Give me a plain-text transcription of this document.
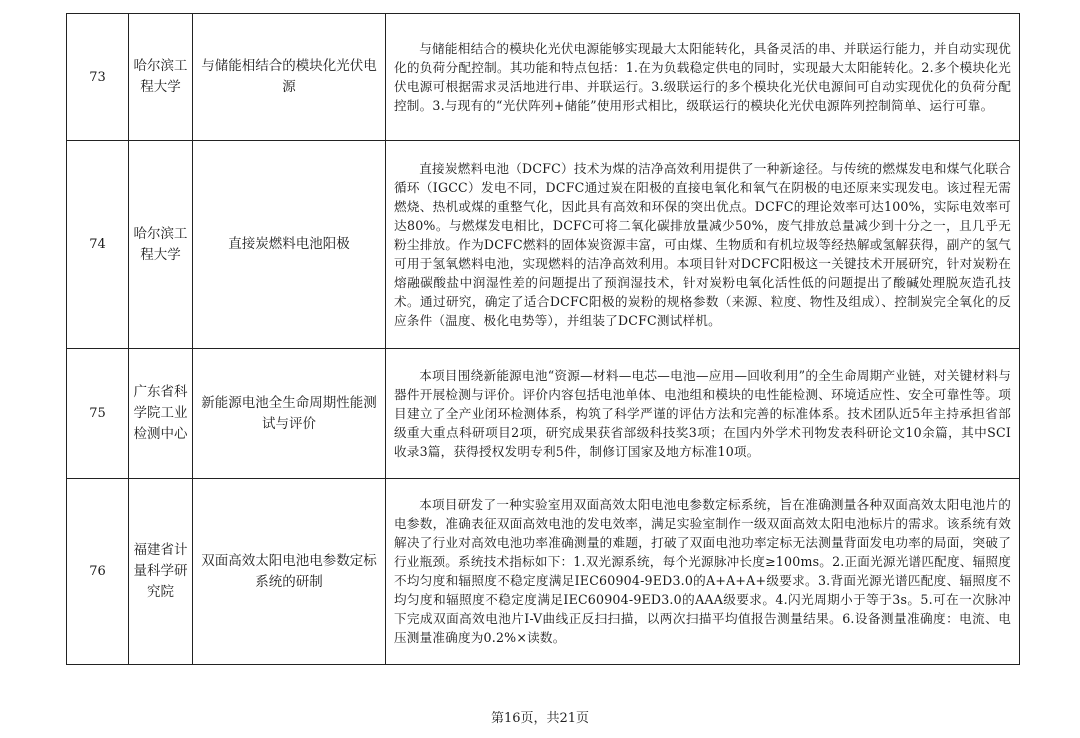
73	哈尔滨工程大学	与储能相结合的模块化光伏电源	与储能相结合的模块化光伏电源能够实现最大太阳能转化，具备灵活的串、并联运行能力，并自动实现优化的负荷分配控制。其功能和特点包括：1.在为负载稳定供电的同时，实现最大太阳能转化。2.多个模块化光伏电源可根据需求灵活地进行串、并联运行。3.级联运行的多个模块化光伏电源间可自动实现优化的负荷分配控制。3.与现有的“光伏阵列+储能”使用形式相比，级联运行的模块化光伏电源阵列控制简单、运行可靠。

74	哈尔滨工程大学	直接炭燃料电池阳极	直接炭燃料电池（DCFC）技术为煤的洁净高效利用提供了一种新途径。与传统的燃煤发电和煤气化联合循环（IGCC）发电不同，DCFC通过炭在阳极的直接电氧化和氧气在阴极的电还原来实现发电。该过程无需燃烧、热机或煤的重整气化，因此具有高效和环保的突出优点。DCFC的理论效率可达100%，实际电效率可达80%。与燃煤发电相比，DCFC可将二氧化碳排放量减少50%，废气排放总量减少到十分之一，且几乎无粉尘排放。作为DCFC燃料的固体炭资源丰富，可由煤、生物质和有机垃圾等经热解或氢解获得，副产的氢气可用于氢氧燃料电池，实现燃料的洁净高效利用。本项目针对DCFC阳极这一关键技术开展研究，针对炭粉在熔融碳酸盐中润湿性差的问题提出了预润湿技术，针对炭粉电氧化活性低的问题提出了酸碱处理脱灰造孔技术。通过研究，确定了适合DCFC阳极的炭粉的规格参数（来源、粒度、物性及组成）、控制炭完全氧化的反应条件（温度、极化电势等），并组装了DCFC测试样机。

75	广东省科学院工业检测中心	新能源电池全生命周期性能测试与评价	本项目围绕新能源电池“资源—材料—电芯—电池—应用—回收利用”的全生命周期产业链，对关键材料与器件开展检测与评价。评价内容包括电池单体、电池组和模块的电性能检测、环境适应性、安全可靠性等。项目建立了全产业闭环检测体系，构筑了科学严谨的评估方法和完善的标准体系。技术团队近5年主持承担省部级重大重点科研项目2项，研究成果获省部级科技奖3项；在国内外学术刊物发表科研论文10余篇，其中SCI收录3篇，获得授权发明专利5件，制修订国家及地方标准10项。

76	福建省计量科学研究院	双面高效太阳电池电参数定标系统的研制	本项目研发了一种实验室用双面高效太阳电池电参数定标系统，旨在准确测量各种双面高效太阳电池片的电参数，准确表征双面高效电池的发电效率，满足实验室制作一级双面高效太阳电池标片的需求。该系统有效解决了行业对高效电池功率准确测量的难题，打破了双面电池功率定标无法测量背面发电功率的局面，突破了行业瓶颈。系统技术指标如下：1.双光源系统，每个光源脉冲长度≥100ms。2.正面光源光谱匹配度、辐照度不均匀度和辐照度不稳定度满足IEC60904-9ED3.0的A+A+A+级要求。3.背面光源光谱匹配度、辐照度不均匀度和辐照度不稳定度满足IEC60904-9ED3.0的AAA级要求。4.闪光周期小于等于3s。5.可在一次脉冲下完成双面高效电池片I-V曲线正反扫扫描，以两次扫描平均值报告测量结果。6.设备测量准确度：电流、电压测量准确度为0.2%×读数。
第16页，共21页
